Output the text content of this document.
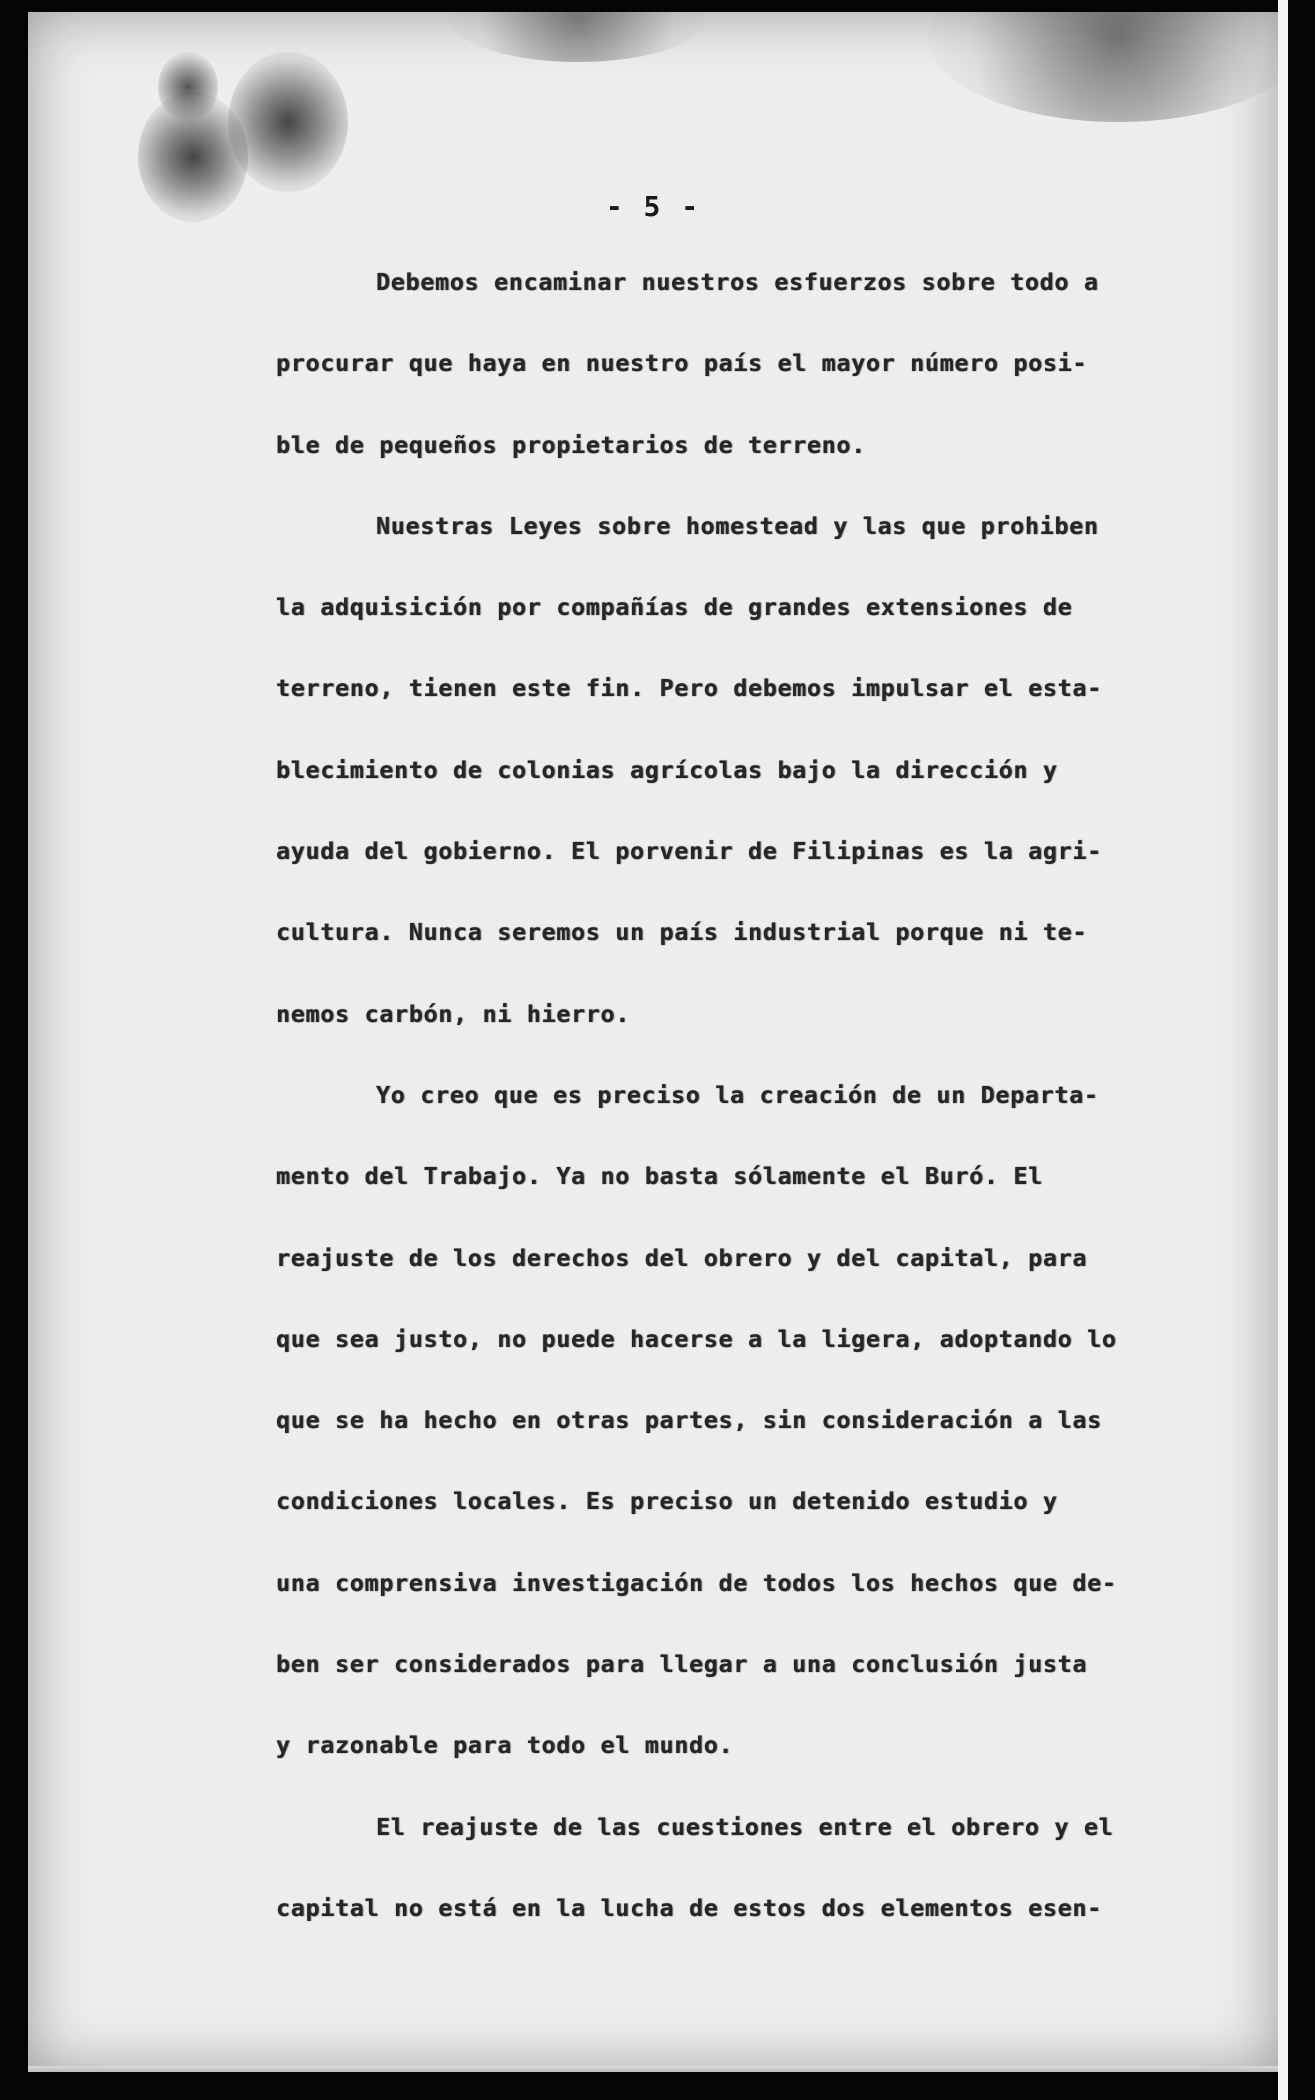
- 5 -
Debemos encaminar nuestros esfuerzos sobre todo a
procurar que haya en nuestro país el mayor número posi-
ble de pequeños propietarios de terreno.
Nuestras Leyes sobre homestead y las que prohiben
la adquisición por compañías de grandes extensiones de
terreno, tienen este fin. Pero debemos impulsar el esta-
blecimiento de colonias agrícolas bajo la dirección y
ayuda del gobierno. El porvenir de Filipinas es la agri-
cultura. Nunca seremos un país industrial porque ni te-
nemos carbón, ni hierro.
Yo creo que es preciso la creación de un Departa-
mento del Trabajo. Ya no basta sólamente el Buró. El
reajuste de los derechos del obrero y del capital, para
que sea justo, no puede hacerse a la ligera, adoptando lo
que se ha hecho en otras partes, sin consideración a las
condiciones locales. Es preciso un detenido estudio y
una comprensiva investigación de todos los hechos que de-
ben ser considerados para llegar a una conclusión justa
y razonable para todo el mundo.
El reajuste de las cuestiones entre el obrero y el
capital no está en la lucha de estos dos elementos esen-
